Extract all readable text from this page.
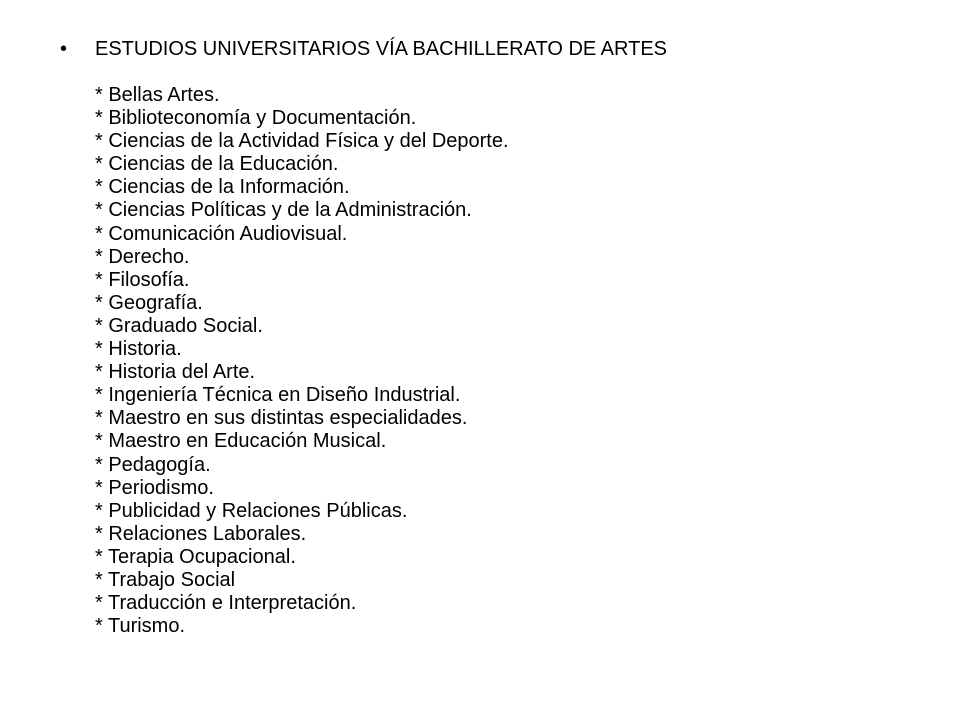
• ESTUDIOS UNIVERSITARIOS VÍA BACHILLERATO DE ARTES
* Bellas Artes.
* Biblioteconomía y Documentación.
* Ciencias de la Actividad Física y del Deporte.
* Ciencias de la Educación.
* Ciencias de la Información.
* Ciencias Políticas y de la Administración.
* Comunicación Audiovisual.
* Derecho.
* Filosofía.
* Geografía.
* Graduado Social.
* Historia.
* Historia del Arte.
* Ingeniería Técnica en Diseño Industrial.
* Maestro en sus distintas especialidades.
* Maestro en Educación Musical.
* Pedagogía.
* Periodismo.
* Publicidad y Relaciones Públicas.
* Relaciones Laborales.
* Terapia Ocupacional.
* Trabajo Social
* Traducción e Interpretación.
* Turismo.
